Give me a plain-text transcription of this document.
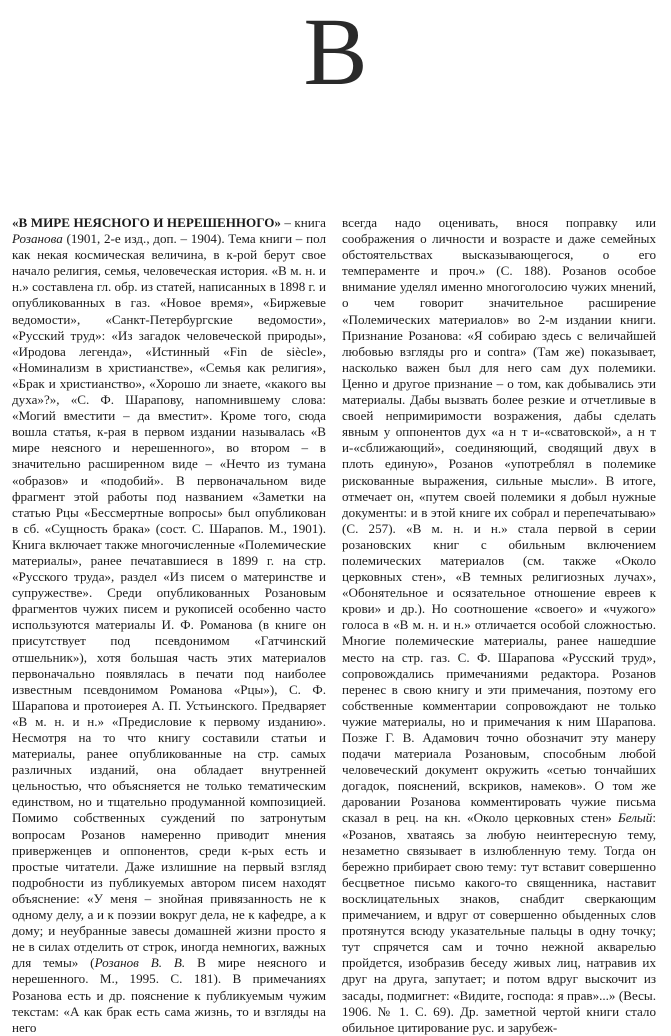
В
«В МИРЕ НЕЯСНОГО И НЕРЕШЕННОГО» – книга Розанова (1901, 2-е изд., доп. – 1904). Тема книги – пол как некая космическая величина, в к-рой берут свое начало религия, семья, человеческая история. «В м. н. и н.» составлена гл. обр. из статей, написанных в 1898 г. и опубликованных в газ. «Новое время», «Биржевые ведомости», «Санкт-Петербургские ведомости», «Русский труд»: «Из загадок человеческой природы», «Иродова легенда», «Истинный «Fin de siècle», «Номинализм в христианстве», «Семья как религия», «Брак и христианство», «Хорошо ли знаете, «какого вы духа»?», «С. Ф. Шарапову, напомнившему слова: «Могий вместити – да вместит». Кроме того, сюда вошла статья, к-рая в первом издании называлась «В мире неясного и нерешенного», во втором – в значительно расширенном виде – «Нечто из тумана «образов» и «подобий». В первоначальном виде фрагмент этой работы под названием «Заметки на статью Рцы «Бессмертные вопросы» был опубликован в сб. «Сущность брака» (сост. С. Шарапов. М., 1901). Книга включает также многочисленные «Полемические материалы», ранее печатавшиеся в 1899 г. на стр. «Русского труда», раздел «Из писем о материнстве и супружестве». Среди опубликованных Розановым фрагментов чужих писем и рукописей особенно часто используются материалы И. Ф. Романова (в книге он присутствует под псевдонимом «Гатчинский отшельник»), хотя большая часть этих материалов первоначально появлялась в печати под наиболее известным псевдонимом Романова «Рцы»), С. Ф. Шарапова и протоиерея А. П. Устьинского. Предваряет «В м. н. и н.» «Предисловие к первому изданию». Несмотря на то что книгу составили статьи и материалы, ранее опубликованные на стр. самых различных изданий, она обладает внутренней цельностью, что объясняется не только тематическим единством, но и тщательно продуманной композицией. Помимо собственных суждений по затронутым вопросам Розанов намеренно приводит мнения приверженцев и оппонентов, среди к-рых есть и простые читатели. Даже излишние на первый взгляд подробности из публикуемых автором писем находят объяснение: «У меня – знойная привязанность не к одному делу, а и к поэзии вокруг дела, не к кафедре, а к дому; и неубранные завесы домашней жизни просто я не в силах отделить от строк, иногда немногих, важных для темы» (Розанов В. В. В мире неясного и нерешенного. М., 1995. С. 181). В примечаниях Розанова есть и др. пояснение к публикуемым чужим текстам: «А как брак есть сама жизнь, то и взгляды на него
всегда надо оценивать, внося поправку или соображения о личности и возрасте и даже семейных обстоятельствах высказывающегося, о его темпераменте и проч.» (С. 188). Розанов особое внимание уделял именно многоголосию чужих мнений, о чем говорит значительное расширение «Полемических материалов» во 2-м издании книги. Признание Розанова: «Я собираю здесь с величайшей любовью взгляды pro и contra» (Там же) показывает, насколько важен был для него сам дух полемики. Ценно и другое признание – о том, как добывались эти материалы. Дабы вызвать более резкие и отчетливые в своей непримиримости возражения, дабы сделать явным у оппонентов дух «а н т и-«сватовской», а н т и-«сближающий», соединяющий, сводящий двух в плоть единую», Розанов «употреблял в полемике рискованные выражения, сильные мысли». В итоге, отмечает он, «путем своей полемики я добыл нужные документы: и в этой книге их собрал и перепечатываю» (С. 257). «В м. н. и н.» стала первой в серии розановских книг с обильным включением полемических материалов (см. также «Около церковных стен», «В темных религиозных лучах», «Обонятельное и осязательное отношение евреев к крови» и др.). Но соотношение «своего» и «чужого» голоса в «В м. н. и н.» отличается особой сложностью. Многие полемические материалы, ранее нашедшие место на стр. газ. С. Ф. Шарапова «Русский труд», сопровождались примечаниями редактора. Розанов перенес в свою книгу и эти примечания, поэтому его собственные комментарии сопровождают не только чужие материалы, но и примечания к ним Шарапова. Позже Г. В. Адамович точно обозначит эту манеру подачи материала Розановым, способным любой человеческий документ окружить «сетью тончайших догадок, пояснений, вскриков, намеков». О том же даровании Розанова комментировать чужие письма сказал в рец. на кн. «Около церковных стен» Белый: «Розанов, хватаясь за любую неинтересную тему, незаметно связывает в излюбленную тему. Тогда он бережно прибирает свою тему: тут вставит совершенно бесцветное письмо какого-то священника, наставит восклицательных знаков, снабдит сверкающим примечанием, и вдруг от совершенно обыденных слов протянутся всюду указательные пальцы в одну точку; тут спрячется сам и точно нежной акварелью пройдется, изобразив беседу живых лиц, натравив их друг на друга, запутает; и потом вдруг выскочит из засады, подмигнет: «Видите, господа: я прав»...» (Весы. 1906. № 1. С. 69). Др. заметной чертой книги стало обильное цитирование рус. и зарубеж-
